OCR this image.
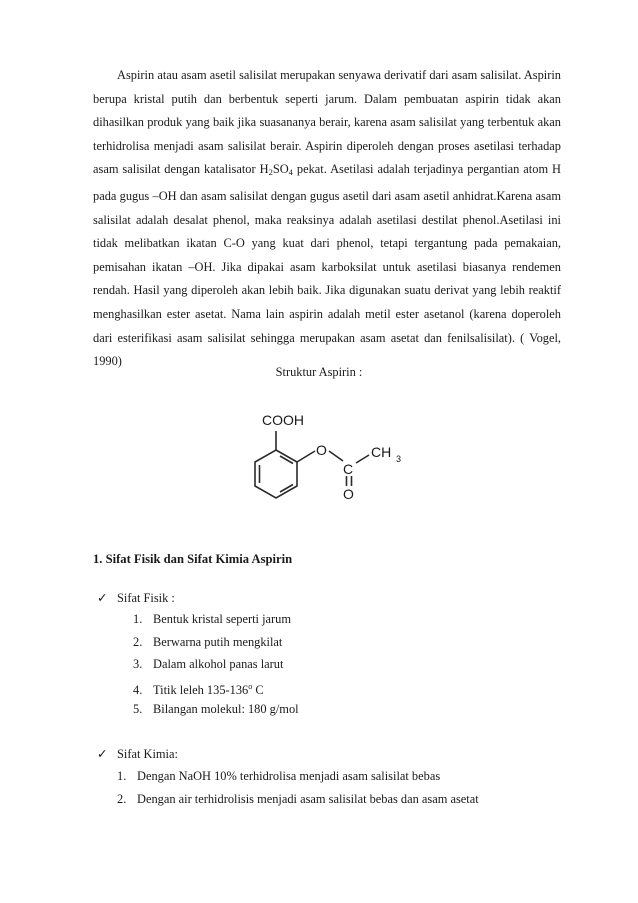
Aspirin atau asam asetil salisilat merupakan senyawa derivatif dari asam salisilat. Aspirin berupa kristal putih dan berbentuk seperti jarum. Dalam pembuatan aspirin tidak akan dihasilkan produk yang baik jika suasananya berair, karena asam salisilat yang terbentuk akan terhidrolisa menjadi asam salisilat berair. Aspirin diperoleh dengan proses asetilasi terhadap asam salisilat dengan katalisator $H_2SO_4$ pekat. Asetilasi adalah terjadinya pergantian atom H pada gugus –OH dan asam salisilat dengan gugus asetil dari asam asetil anhidrat.Karena asam salisilat adalah desalat phenol, maka reaksinya adalah asetilasi destilat phenol.Asetilasi ini tidak melibatkan ikatan C-O yang kuat dari phenol, tetapi tergantung pada pemakaian, pemisahan ikatan –OH. Jika dipakai asam karboksilat untuk asetilasi biasanya rendemen rendah. Hasil yang diperoleh akan lebih baik. Jika digunakan suatu derivat yang lebih reaktif menghasilkan ester asetat. Nama lain aspirin adalah metil ester asetanol (karena doperoleh dari esterifikasi asam salisilat sehingga merupakan asam asetat dan fenilsalisilat). ( Vogel, 1990)

Struktur Aspirin :
COOH
O
C
CH 3
O
1. Sifat Fisik dan Sifat Kimia Aspirin
✓ Sifat Fisik :
1. Bentuk kristal seperti jarum
2. Berwarna putih mengkilat
3. Dalam alkohol panas larut
4. Titik leleh 135-136$^o$ C
5. Bilangan molekul: 180 g/mol
✓ Sifat Kimia:
1. Dengan NaOH 10% terhidrolisa menjadi asam salisilat bebas
2. Dengan air terhidrolisis menjadi asam salisilat bebas dan asam asetat
